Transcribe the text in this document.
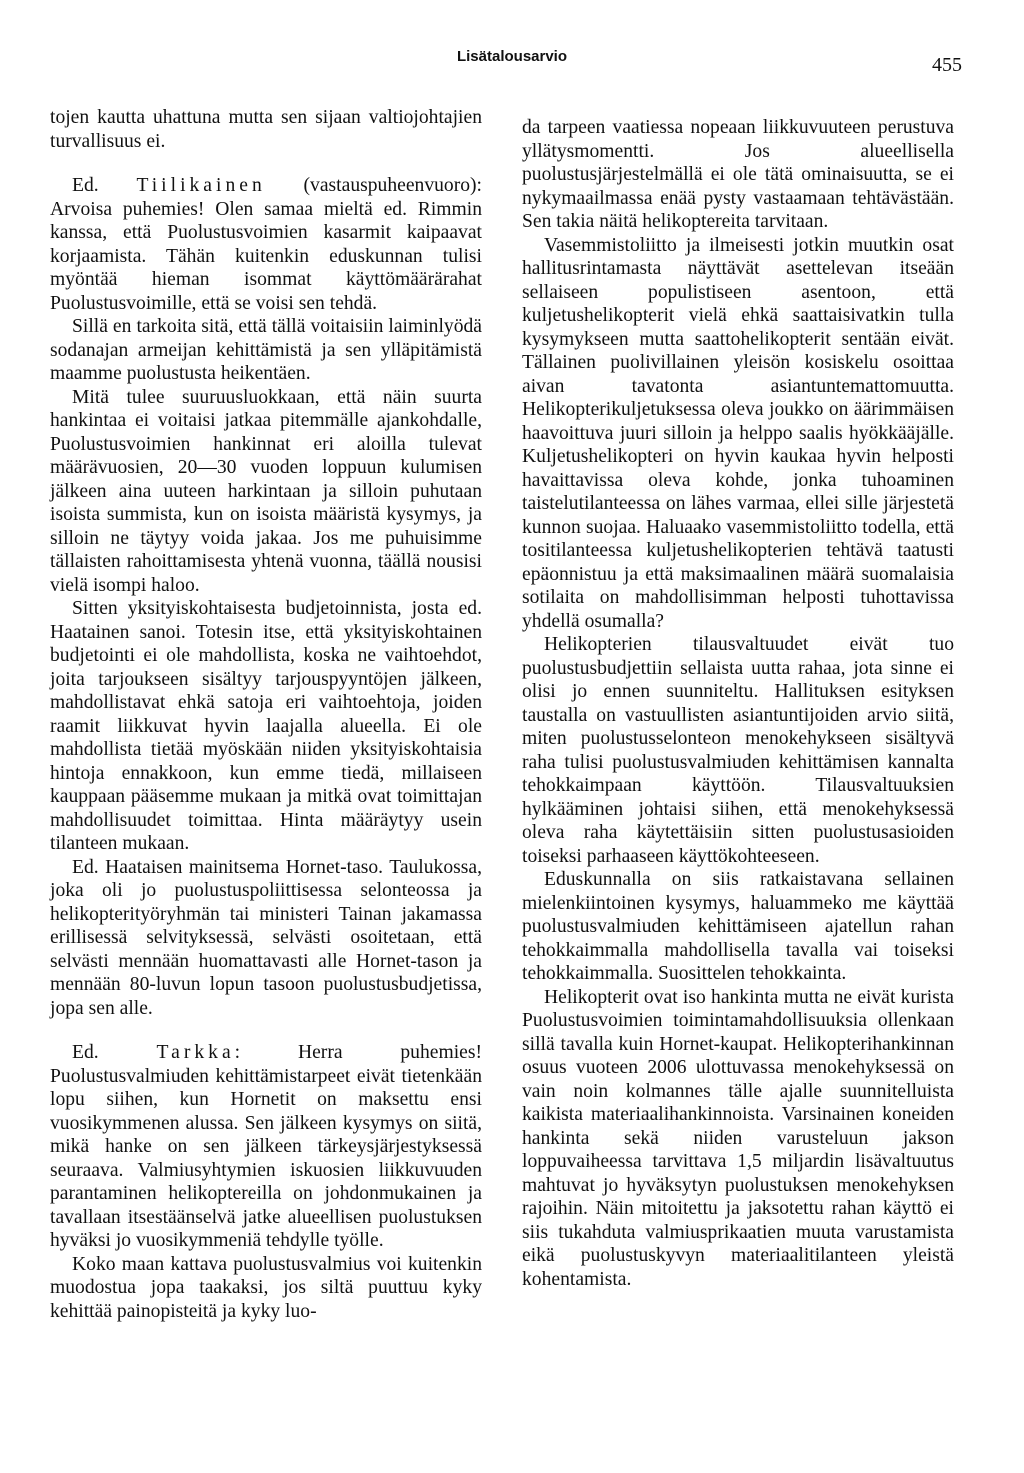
Lisätalousarvio	455

tojen kautta uhattuna mutta sen sijaan valtiojohtajien turvallisuus ei.

Ed. Tiilikainen (vastauspuheenvuoro): Arvoisa puhemies! Olen samaa mieltä ed. Rimmin kanssa, että Puolustusvoimien kasarmit kaipaavat korjaamista. Tähän kuitenkin eduskunnan tulisi myöntää hieman isommat käyttömäärärahat Puolustusvoimille, että se voisi sen tehdä.

Sillä en tarkoita sitä, että tällä voitaisiin laiminlyödä sodanajan armeijan kehittämistä ja sen ylläpitämistä maamme puolustusta heikentäen.

Mitä tulee suuruusluokkaan, että näin suurta hankintaa ei voitaisi jatkaa pitemmälle ajankohdalle, Puolustusvoimien hankinnat eri aloilla tulevat määrävuosien, 20—30 vuoden loppuun kulumisen jälkeen aina uuteen harkintaan ja silloin puhutaan isoista summista, kun on isoista määristä kysymys, ja silloin ne täytyy voida jakaa. Jos me puhuisimme tällaisten rahoittamisesta yhtenä vuonna, täällä nousisi vielä isompi haloo.

Sitten yksityiskohtaisesta budjetoinnista, josta ed. Haatainen sanoi. Totesin itse, että yksityiskohtainen budjetointi ei ole mahdollista, koska ne vaihtoehdot, joita tarjoukseen sisältyy tarjouspyyntöjen jälkeen, mahdollistavat ehkä satoja eri vaihtoehtoja, joiden raamit liikkuvat hyvin laajalla alueella. Ei ole mahdollista tietää myöskään niiden yksityiskohtaisia hintoja ennakkoon, kun emme tiedä, millaiseen kauppaan pääsemme mukaan ja mitkä ovat toimittajan mahdollisuudet toimittaa. Hinta määräytyy usein tilanteen mukaan.

Ed. Haataisen mainitsema Hornet-taso. Taulukossa, joka oli jo puolustuspoliittisessa selonteossa ja helikopterityöryhmän tai ministeri Tainan jakamassa erillisessä selvityksessä, selvästi osoitetaan, että selvästi mennään huomattavasti alle Hornet-tason ja mennään 80-luvun lopun tasoon puolustusbudjetissa, jopa sen alle.

Ed.	Tarkka: Herra puhemies! Puolustusvalmiuden kehittämistarpeet eivät tietenkään lopu siihen, kun Hornetit on maksettu ensi vuosikymmenen alussa. Sen jälkeen kysymys on siitä, mikä hanke on sen jälkeen tärkeysjärjestyksessä seuraava. Valmiusyhtymien iskuosien liikkuvuuden parantaminen helikoptereilla on johdonmukainen ja tavallaan itsestäänselvä jatke alueellisen puolustuksen hyväksi jo vuosikymmeniä tehdylle työlle.

Koko maan kattava puolustusvalmius voi kuitenkin muodostua jopa taakaksi, jos siltä puuttuu kyky kehittää painopisteitä ja kyky luo-

da tarpeen vaatiessa nopeaan liikkuvuuteen perustuva yllätysmomentti. Jos alueellisella puolustusjärjestelmällä ei ole tätä ominaisuutta, se ei nykymaailmassa enää pysty vastaamaan tehtävästään. Sen takia näitä helikoptereita tarvitaan.

Vasemmistoliitto ja ilmeisesti jotkin muutkin osat hallitusrintamasta näyttävät asettelevan itseään sellaiseen populistiseen asentoon, että kuljetushelikopterit vielä ehkä saattaisivatkin tulla kysymykseen mutta saattohelikopterit sentään eivät. Tällainen puolivillainen yleisön kosiskelu osoittaa aivan tavatonta asiantuntemattomuutta. Helikopterikuljetuksessa oleva joukko on äärimmäisen haavoittuva juuri silloin ja helppo saalis hyökkääjälle. Kuljetushelikopteri on hyvin kaukaa hyvin helposti havaittavissa oleva kohde, jonka tuhoaminen taistelutilanteessa on lähes varmaa, ellei sille järjestetä kunnon suojaa. Haluaako vasemmistoliitto todella, että tositilanteessa kuljetushelikopterien tehtävä taatusti epäonnistuu ja että maksimaalinen määrä suomalaisia sotilaita on mahdollisimman helposti tuhottavissa yhdellä osumalla?

Helikopterien tilausvaltuudet eivät tuo puolustusbudjettiin sellaista uutta rahaa, jota sinne ei olisi jo ennen suunniteltu. Hallituksen esityksen taustalla on vastuullisten asiantuntijoiden arvio siitä, miten puolustusselonteon menokehykseen sisältyvä raha tulisi puolustusvalmiuden kehittämisen kannalta tehokkaimpaan käyttöön. Tilausvaltuuksien hylkääminen johtaisi siihen, että menokehyksessä oleva raha käytettäisiin sitten puolustusasioiden toiseksi parhaaseen käyttökohteeseen.

Eduskunnalla on siis ratkaistavana sellainen mielenkiintoinen kysymys, haluammeko me käyttää puolustusvalmiuden kehittämiseen ajatellun rahan tehokkaimmalla mahdollisella tavalla vai toiseksi tehokkaimmalla. Suosittelen tehokkainta.

Helikopterit ovat iso hankinta mutta ne eivät kurista Puolustusvoimien toimintamahdollisuuksia ollenkaan sillä tavalla kuin Hornet-kaupat. Helikopterihankinnan osuus vuoteen 2006 ulottuvassa menokehyksessä on vain noin kolmannes tälle ajalle suunnitelluista kaikista materiaalihankinnoista. Varsinainen koneiden hankinta sekä niiden varusteluun jakson loppuvaiheessa tarvittava 1,5 miljardin lisävaltuutus mahtuvat jo hyväksytyn puolustuksen menokehyksen rajoihin. Näin mitoitettu ja jaksotettu rahan käyttö ei siis tukahduta valmiusprikaatien muuta varustamista eikä puolustuskyvyn materiaalitilanteen yleistä kohentamista.
